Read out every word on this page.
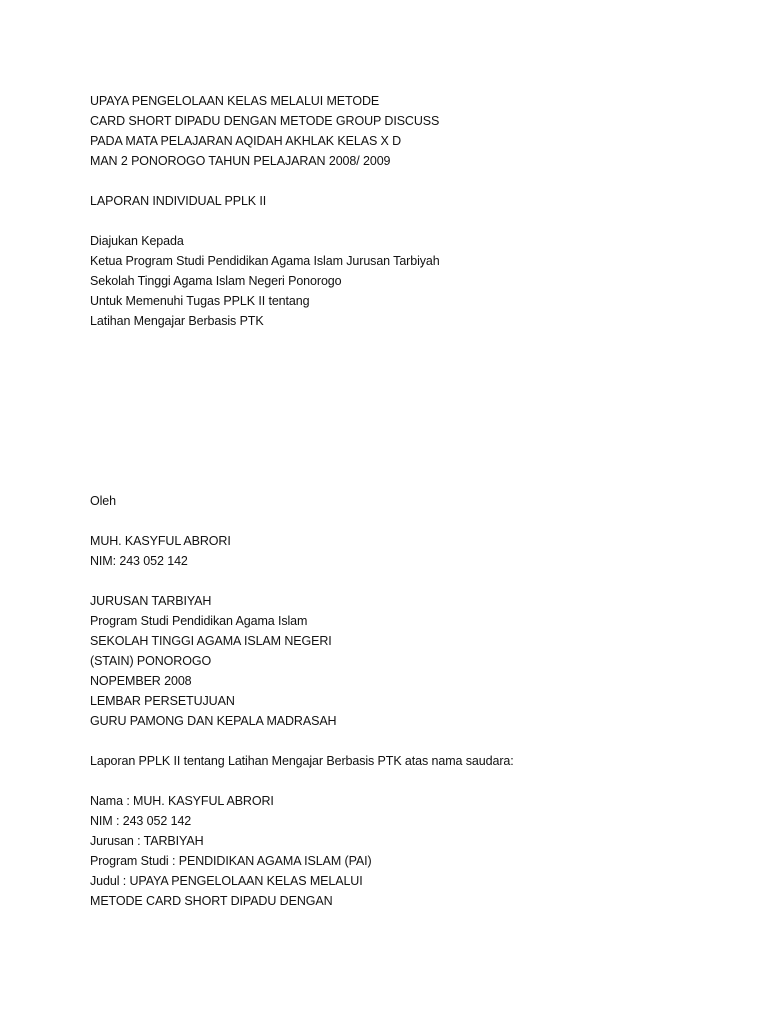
UPAYA PENGELOLAAN KELAS MELALUI METODE
CARD SHORT DIPADU DENGAN METODE GROUP DISCUSS
PADA MATA PELAJARAN AQIDAH AKHLAK KELAS X D
MAN 2 PONOROGO TAHUN PELAJARAN 2008/ 2009
LAPORAN INDIVIDUAL PPLK II
Diajukan Kepada
Ketua Program Studi Pendidikan Agama Islam Jurusan Tarbiyah
Sekolah Tinggi Agama Islam Negeri Ponorogo
Untuk Memenuhi Tugas PPLK II tentang
Latihan Mengajar Berbasis PTK
Oleh
MUH. KASYFUL ABRORI
NIM: 243 052 142
JURUSAN TARBIYAH
Program Studi Pendidikan Agama Islam
SEKOLAH TINGGI AGAMA ISLAM NEGERI
(STAIN) PONOROGO
NOPEMBER 2008
LEMBAR PERSETUJUAN
GURU PAMONG DAN KEPALA MADRASAH
Laporan PPLK II tentang Latihan Mengajar Berbasis PTK atas nama saudara:
Nama : MUH. KASYFUL ABRORI
NIM : 243 052 142
Jurusan : TARBIYAH
Program Studi : PENDIDIKAN AGAMA ISLAM (PAI)
Judul : UPAYA PENGELOLAAN KELAS MELALUI
METODE CARD SHORT DIPADU DENGAN
